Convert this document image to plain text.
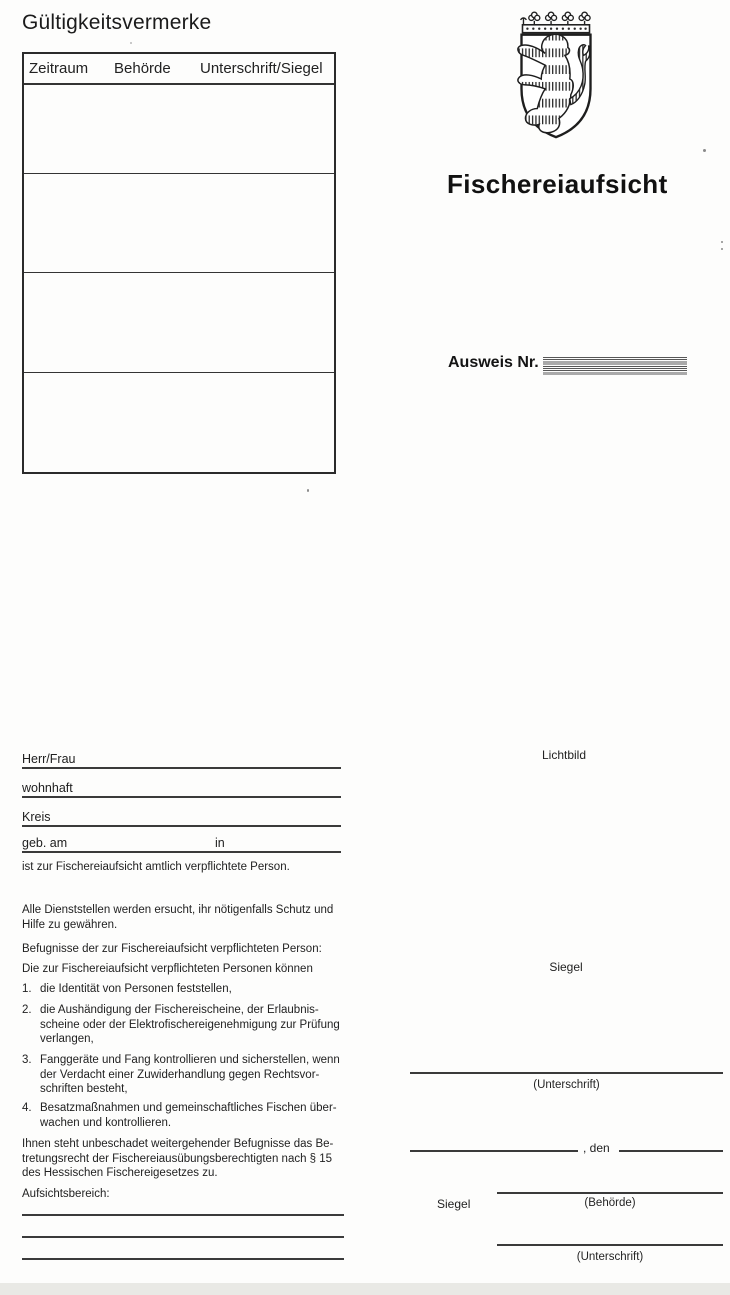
Gültigkeitsvermerke
Zeitraum Behörde Unterschrift/Siegel
Herr/Frau
wohnhaft
Kreis
geb. am	in
ist zur Fischereiaufsicht amtlich verpflichtete Person.
Alle Dienststellen werden ersucht, ihr nötigenfalls Schutz und
Hilfe zu gewähren.
Befugnisse der zur Fischereiaufsicht verpflichteten Person:
Die zur Fischereiaufsicht verpflichteten Personen können
1. die Identität von Personen feststellen,
2. die Aushändigung der Fischereischeine, der Erlaubnis-
scheine oder der Elektrofischereigenehmigung zur Prüfung
verlangen,
3. Fanggeräte und Fang kontrollieren und sicherstellen, wenn
der Verdacht einer Zuwiderhandlung gegen Rechtsvor-
schriften besteht,
4. Besatzmaßnahmen und gemeinschaftliches Fischen über-
wachen und kontrollieren.
Ihnen steht unbeschadet weitergehender Befugnisse das Be-
tretungsrecht der Fischereiausübungsberechtigten nach § 15
des Hessischen Fischereigesetzes zu.
Aufsichtsbereich:
Fischereiaufsicht
Ausweis Nr.
Lichtbild
Siegel
(Unterschrift)
, den
Siegel	(Behörde)
(Unterschrift)
